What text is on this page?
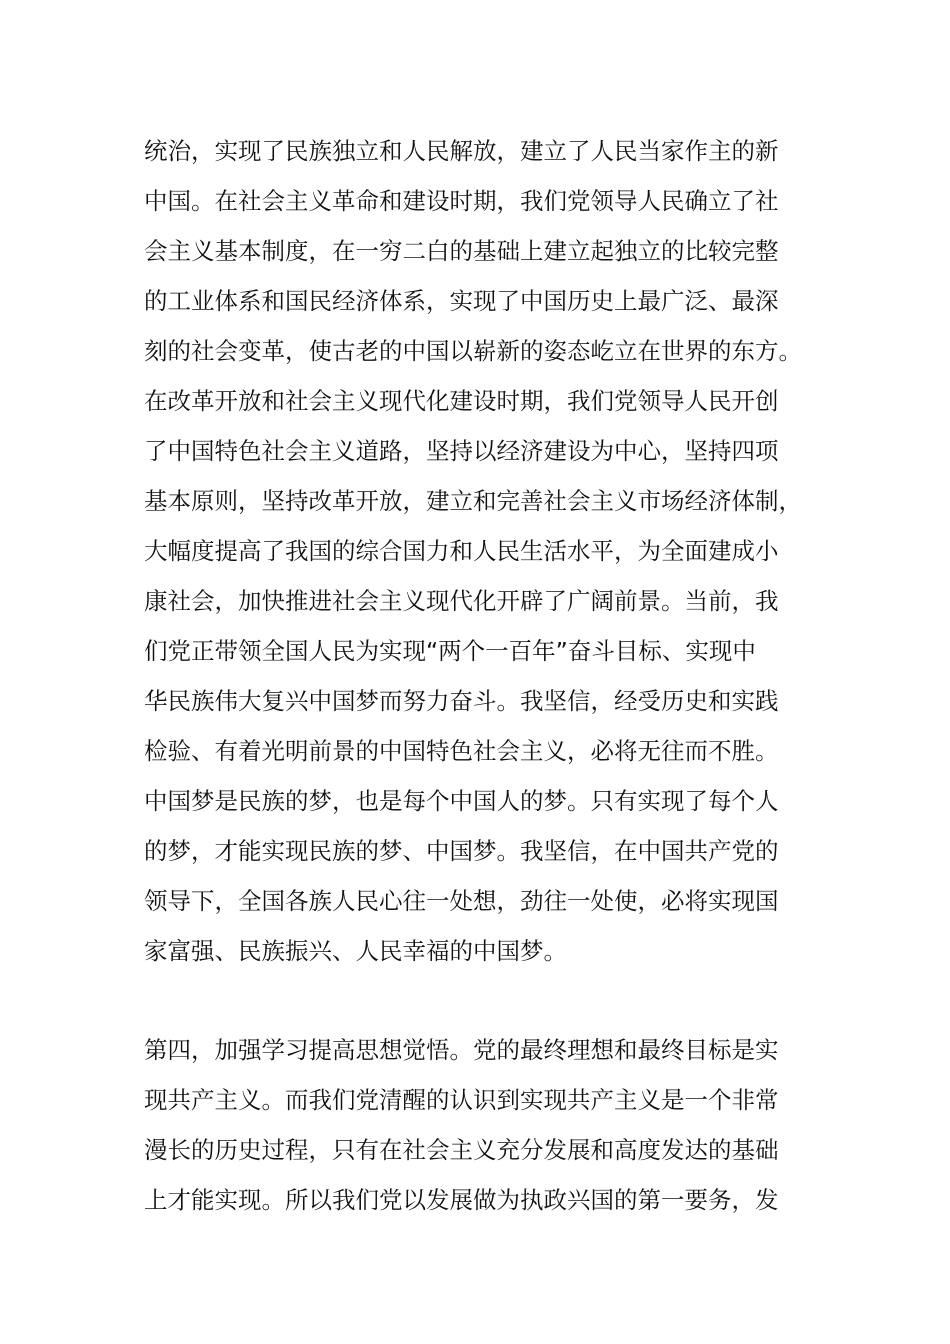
统治，实现了民族独立和人民解放，建立了人民当家作主的新
中国。在社会主义革命和建设时期，我们党领导人民确立了社
会主义基本制度，在一穷二白的基础上建立起独立的比较完整
的工业体系和国民经济体系，实现了中国历史上最广泛、最深
刻的社会变革，使古老的中国以崭新的姿态屹立在世界的东方。
在改革开放和社会主义现代化建设时期，我们党领导人民开创
了中国特色社会主义道路，坚持以经济建设为中心，坚持四项
基本原则，坚持改革开放，建立和完善社会主义市场经济体制，
大幅度提高了我国的综合国力和人民生活水平，为全面建成小
康社会，加快推进社会主义现代化开辟了广阔前景。当前，我
们党正带领全国人民为实现“两个一百年”奋斗目标、实现中
华民族伟大复兴中国梦而努力奋斗。我坚信，经受历史和实践
检验、有着光明前景的中国特色社会主义，必将无往而不胜。
中国梦是民族的梦，也是每个中国人的梦。只有实现了每个人
的梦，才能实现民族的梦、中国梦。我坚信，在中国共产党的
领导下，全国各族人民心往一处想，劲往一处使，必将实现国
家富强、民族振兴、人民幸福的中国梦。
第四，加强学习提高思想觉悟。党的最终理想和最终目标是实
现共产主义。而我们党清醒的认识到实现共产主义是一个非常
漫长的历史过程，只有在社会主义充分发展和高度发达的基础
上才能实现。所以我们党以发展做为执政兴国的第一要务，发
